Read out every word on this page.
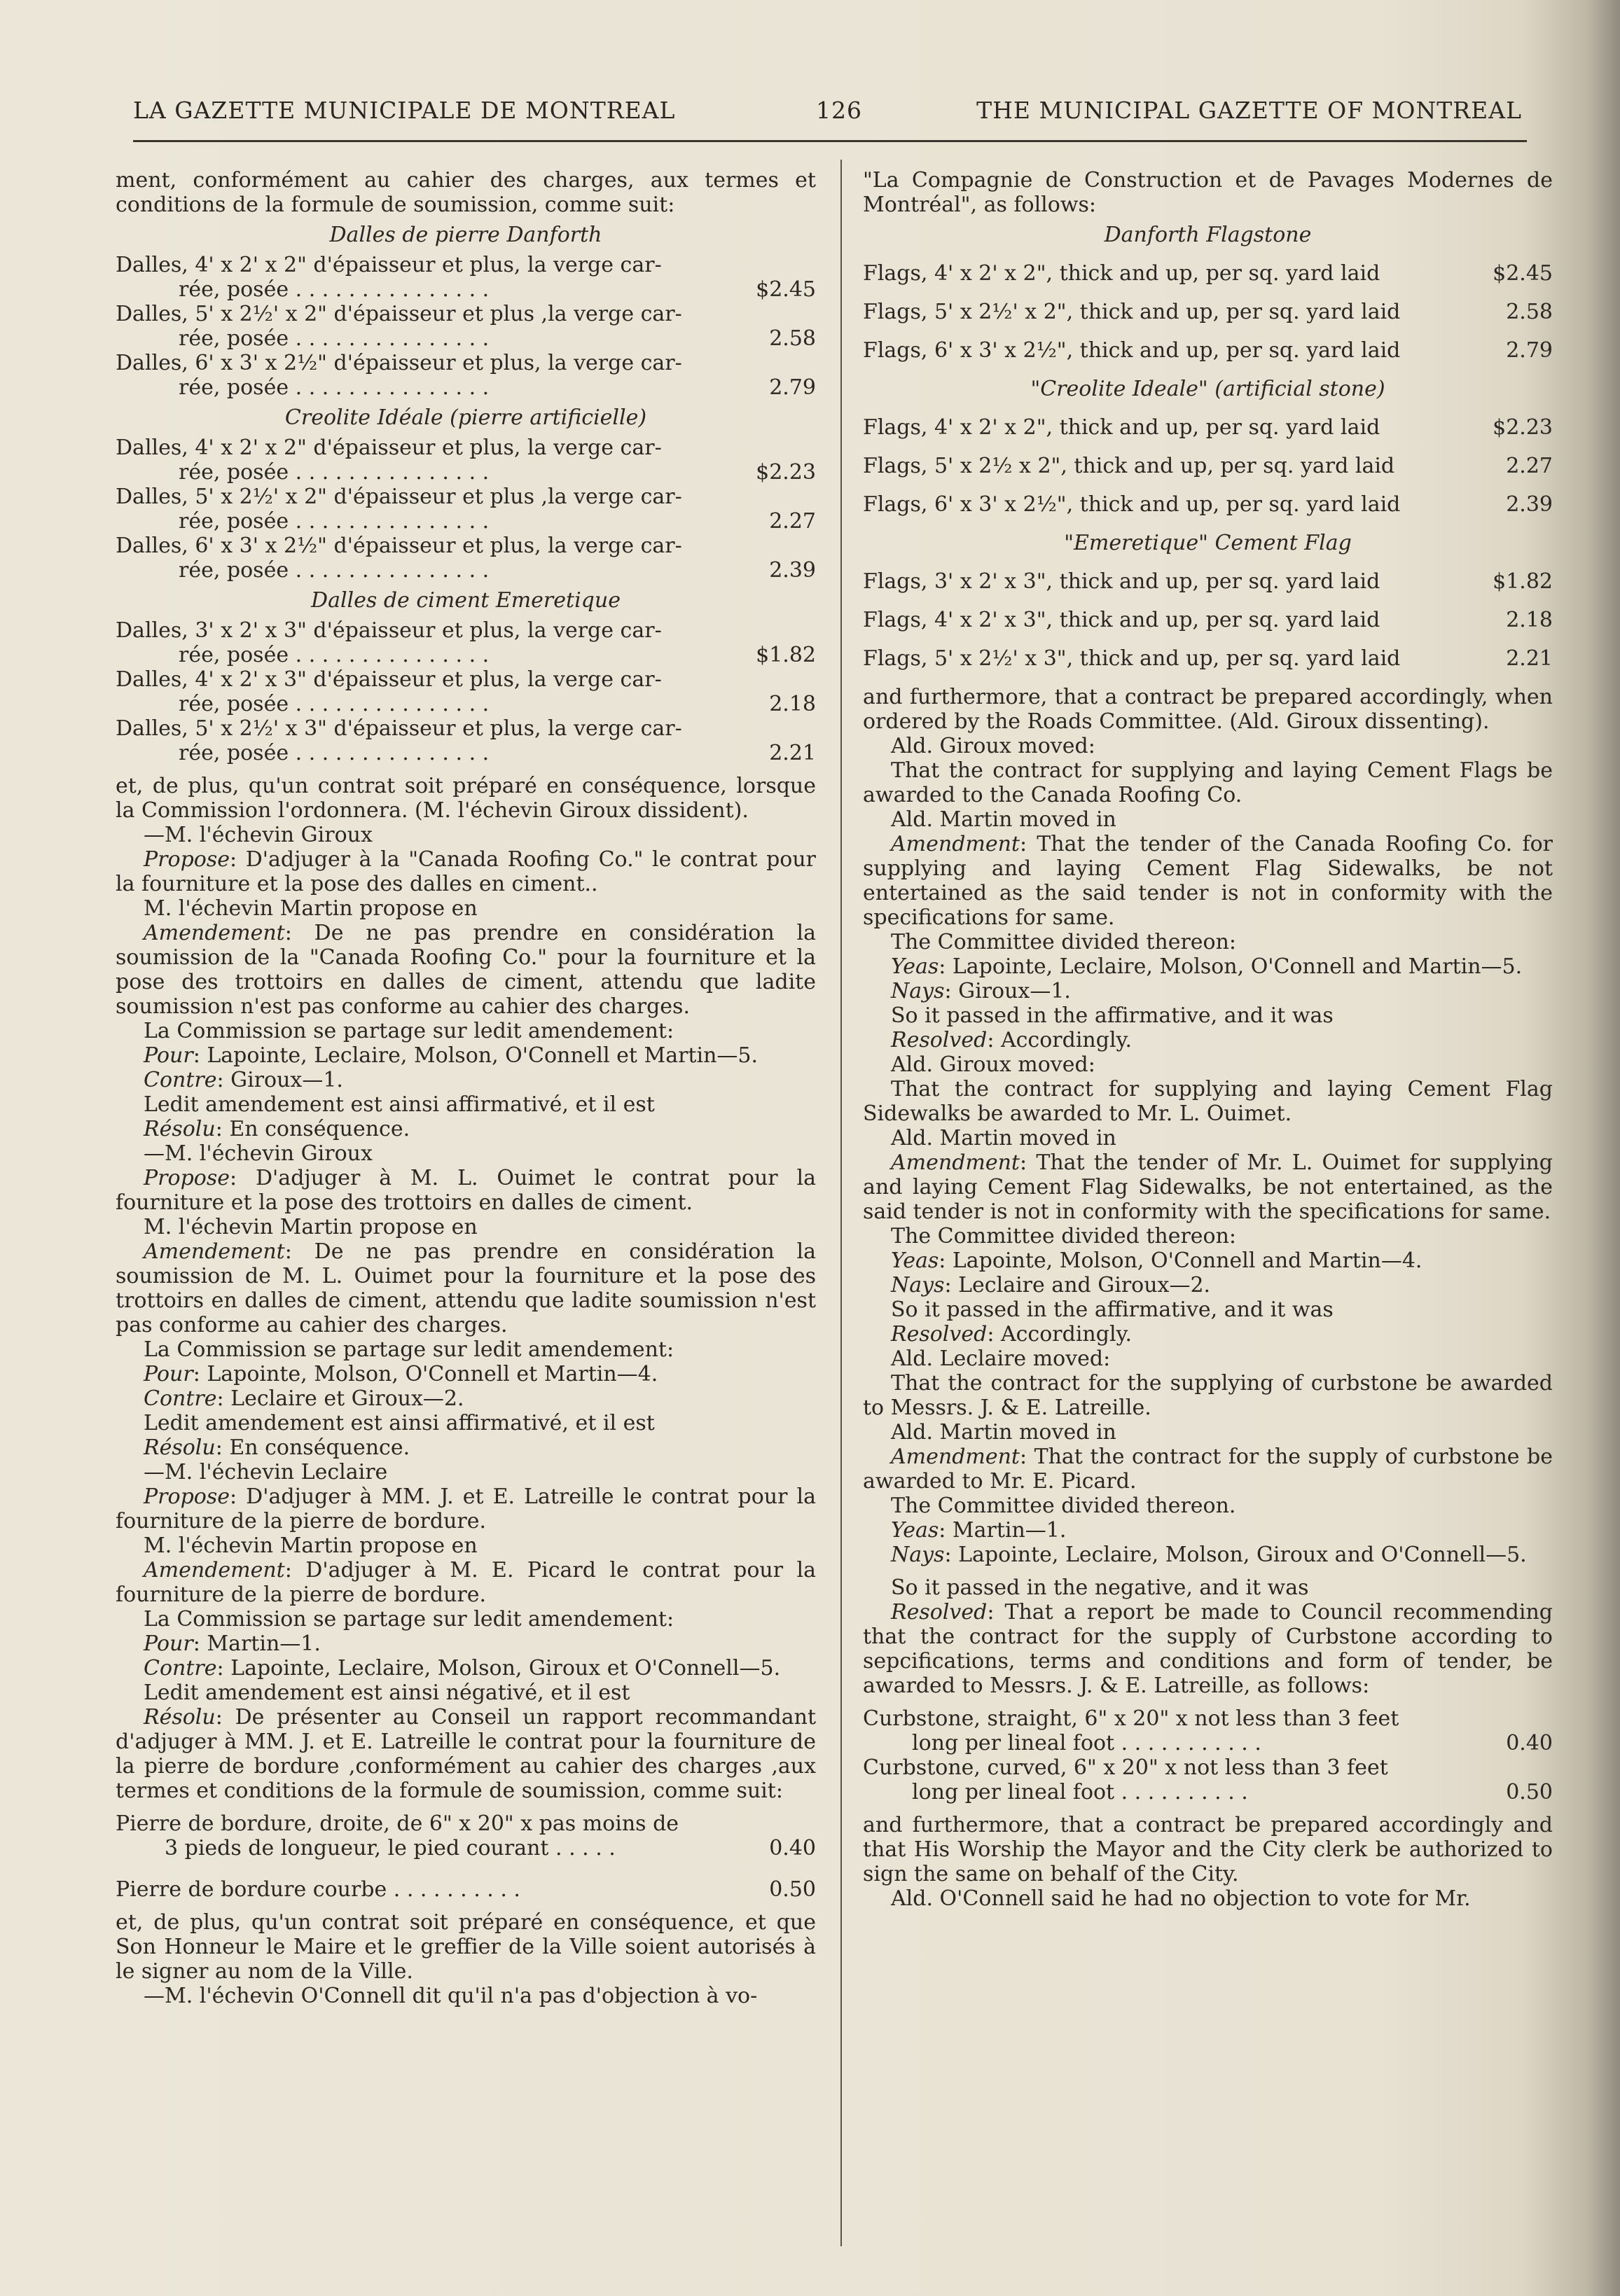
LA GAZETTE MUNICIPALE DE MONTREAL	126	THE MUNICIPAL GAZETTE OF MONTREAL

ment, conformément au cahier des charges, aux termes et conditions de la formule de soumission, comme suit:

Dalles de pierre Danforth

Dalles, 4' x 2' x 2" d'épaisseur et plus, la verge car-

rée, posée . . . . . . . . . . . . . . .	$2.45

Dalles, 5' x 2½' x 2" d'épaisseur et plus ,la verge car-

rée, posée . . . . . . . . . . . . . . .	2.58

Dalles, 6' x 3' x 2½" d'épaisseur et plus, la verge car-

rée, posée . . . . . . . . . . . . . . .	2.79

Creolite Idéale (pierre artificielle)

Dalles, 4' x 2' x 2" d'épaisseur et plus, la verge car-

rée, posée . . . . . . . . . . . . . . .	$2.23

Dalles, 5' x 2½' x 2" d'épaisseur et plus ,la verge car-

rée, posée . . . . . . . . . . . . . . .	2.27

Dalles, 6' x 3' x 2½" d'épaisseur et plus, la verge car-

rée, posée . . . . . . . . . . . . . . .	2.39

Dalles de ciment Emeretique

Dalles, 3' x 2' x 3" d'épaisseur et plus, la verge car-

rée, posée . . . . . . . . . . . . . . .	$1.82

Dalles, 4' x 2' x 3" d'épaisseur et plus, la verge car-

rée, posée . . . . . . . . . . . . . . .	2.18

Dalles, 5' x 2½' x 3" d'épaisseur et plus, la verge car-

rée, posée . . . . . . . . . . . . . . .	2.21

et, de plus, qu'un contrat soit préparé en conséquence, lorsque la Commission l'ordonnera. (M. l'échevin Giroux dissident).

—M. l'échevin Giroux

Propose: D'adjuger à la "Canada Roofing Co." le contrat pour la fourniture et la pose des dalles en ciment..

M. l'échevin Martin propose en

Amendement: De ne pas prendre en considération la soumission de la "Canada Roofing Co." pour la fourniture et la pose des trottoirs en dalles de ciment, attendu que ladite soumission n'est pas conforme au cahier des charges.

La Commission se partage sur ledit amendement:

Pour: Lapointe, Leclaire, Molson, O'Connell et Martin—5.

Contre: Giroux—1.

Ledit amendement est ainsi affirmativé, et il est

Résolu: En conséquence.

—M. l'échevin Giroux

Propose: D'adjuger à M. L. Ouimet le contrat pour la fourniture et la pose des trottoirs en dalles de ciment.

M. l'échevin Martin propose en

Amendement: De ne pas prendre en considération la soumission de M. L. Ouimet pour la fourniture et la pose des trottoirs en dalles de ciment, attendu que ladite soumission n'est pas conforme au cahier des charges.

La Commission se partage sur ledit amendement:

Pour: Lapointe, Molson, O'Connell et Martin—4.

Contre: Leclaire et Giroux—2.

Ledit amendement est ainsi affirmativé, et il est

Résolu: En conséquence.

—M. l'échevin Leclaire

Propose: D'adjuger à MM. J. et E. Latreille le contrat pour la fourniture de la pierre de bordure.

M. l'échevin Martin propose en

Amendement: D'adjuger à M. E. Picard le contrat pour la fourniture de la pierre de bordure.

La Commission se partage sur ledit amendement:

Pour: Martin—1.

Contre: Lapointe, Leclaire, Molson, Giroux et O'Connell—5.

Ledit amendement est ainsi négativé, et il est

Résolu: De présenter au Conseil un rapport recommandant d'adjuger à MM. J. et E. Latreille le contrat pour la fourniture de la pierre de bordure ,conformément au cahier des charges ,aux termes et conditions de la formule de soumission, comme suit:

Pierre de bordure, droite, de 6" x 20" x pas moins de

3 pieds de longueur, le pied courant . . . . .	0.40
Pierre de bordure courbe . . . . . . . . . .	0.50

et, de plus, qu'un contrat soit préparé en conséquence, et que Son Honneur le Maire et le greffier de la Ville soient autorisés à le signer au nom de la Ville.

—M. l'échevin O'Connell dit qu'il n'a pas d'objection à vo-

"La Compagnie de Construction et de Pavages Modernes de Montréal", as follows:

Danforth Flagstone

Flags, 4' x 2' x 2", thick and up, per sq. yard laid	$2.45
Flags, 5' x 2½' x 2", thick and up, per sq. yard laid	2.58
Flags, 6' x 3' x 2½", thick and up, per sq. yard laid	2.79

"Creolite Ideale" (artificial stone)

Flags, 4' x 2' x 2", thick and up, per sq. yard laid	$2.23
Flags, 5' x 2½ x 2", thick and up, per sq. yard laid	2.27
Flags, 6' x 3' x 2½", thick and up, per sq. yard laid	2.39

"Emeretique" Cement Flag

Flags, 3' x 2' x 3", thick and up, per sq. yard laid	$1.82
Flags, 4' x 2' x 3", thick and up, per sq. yard laid	2.18
Flags, 5' x 2½' x 3", thick and up, per sq. yard laid	2.21

and furthermore, that a contract be prepared accordingly, when ordered by the Roads Committee. (Ald. Giroux dissenting).

Ald. Giroux moved:

That the contract for supplying and laying Cement Flags be awarded to the Canada Roofing Co.

Ald. Martin moved in

Amendment: That the tender of the Canada Roofing Co. for supplying and laying Cement Flag Sidewalks, be not entertained as the said tender is not in conformity with the specifications for same.

The Committee divided thereon:

Yeas: Lapointe, Leclaire, Molson, O'Connell and Martin—5.

Nays: Giroux—1.

So it passed in the affirmative, and it was

Resolved: Accordingly.

Ald. Giroux moved:

That the contract for supplying and laying Cement Flag Sidewalks be awarded to Mr. L. Ouimet.

Ald. Martin moved in

Amendment: That the tender of Mr. L. Ouimet for supplying and laying Cement Flag Sidewalks, be not entertained, as the said tender is not in conformity with the specifications for same.

The Committee divided thereon:

Yeas: Lapointe, Molson, O'Connell and Martin—4.

Nays: Leclaire and Giroux—2.

So it passed in the affirmative, and it was

Resolved: Accordingly.

Ald. Leclaire moved:

That the contract for the supplying of curbstone be awarded to Messrs. J. & E. Latreille.

Ald. Martin moved in

Amendment: That the contract for the supply of curbstone be awarded to Mr. E. Picard.

The Committee divided thereon.

Yeas: Martin—1.

Nays: Lapointe, Leclaire, Molson, Giroux and O'Connell—5.

So it passed in the negative, and it was

Resolved: That a report be made to Council recommending that the contract for the supply of Curbstone according to sepcifications, terms and conditions and form of tender, be awarded to Messrs. J. & E. Latreille, as follows:

Curbstone, straight, 6" x 20" x not less than 3 feet

long per lineal foot . . . . . . . . . . .	0.40

Curbstone, curved, 6" x 20" x not less than 3 feet

long per lineal foot . . . . . . . . . .	0.50

and furthermore, that a contract be prepared accordingly and that His Worship the Mayor and the City clerk be authorized to sign the same on behalf of the City.

Ald. O'Connell said he had no objection to vote for Mr.
